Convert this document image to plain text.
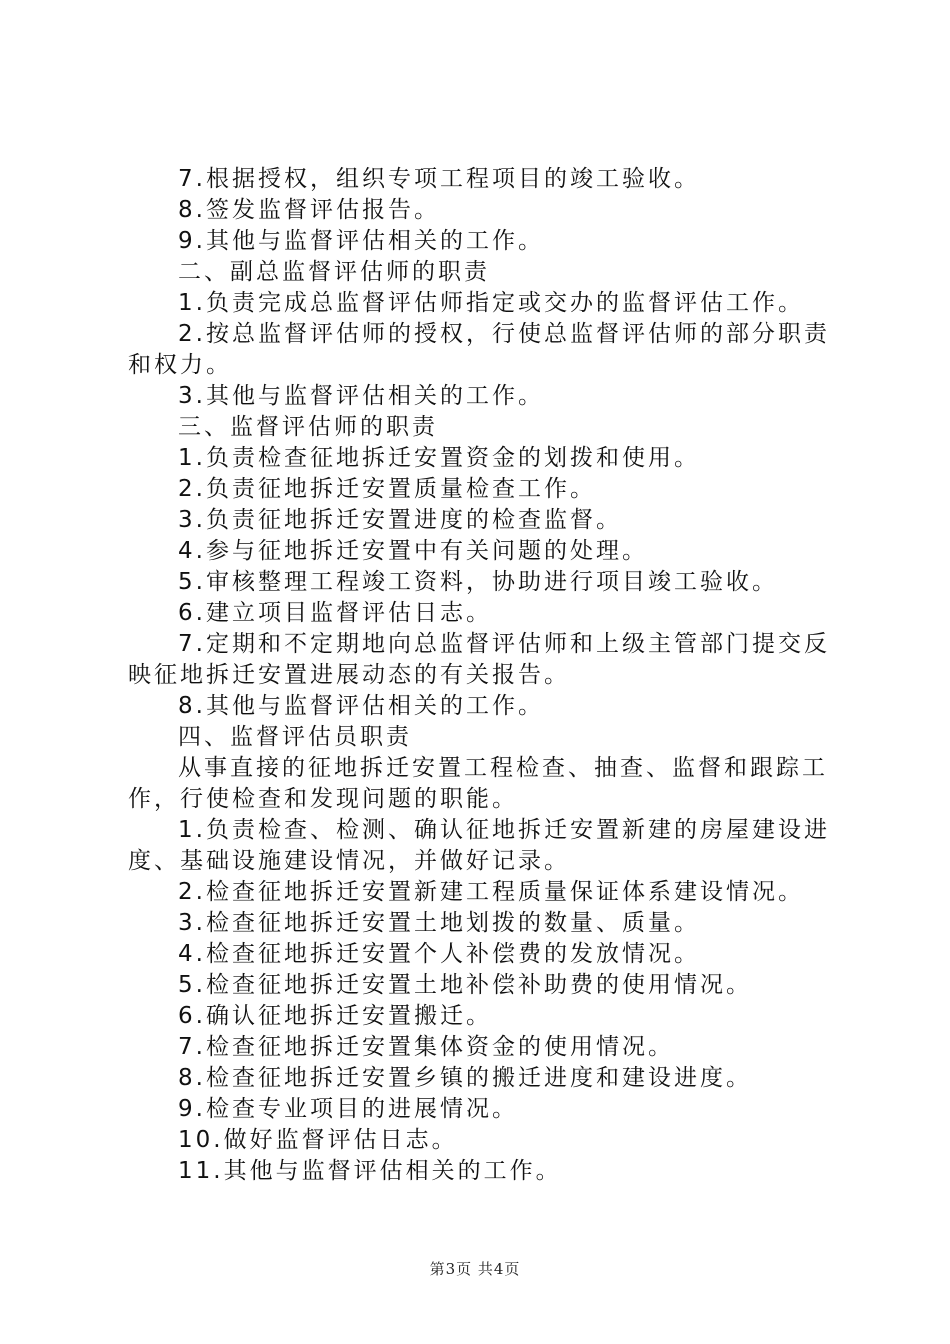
7.根据授权，组织专项工程项目的竣工验收。
8.签发监督评估报告。
9.其他与监督评估相关的工作。
二、副总监督评估师的职责
1.负责完成总监督评估师指定或交办的监督评估工作。
2.按总监督评估师的授权，行使总监督评估师的部分职责
和权力。
3.其他与监督评估相关的工作。
三、监督评估师的职责
1.负责检查征地拆迁安置资金的划拨和使用。
2.负责征地拆迁安置质量检查工作。
3.负责征地拆迁安置进度的检查监督。
4.参与征地拆迁安置中有关问题的处理。
5.审核整理工程竣工资料，协助进行项目竣工验收。
6.建立项目监督评估日志。
7.定期和不定期地向总监督评估师和上级主管部门提交反
映征地拆迁安置进展动态的有关报告。
8.其他与监督评估相关的工作。
四、监督评估员职责
从事直接的征地拆迁安置工程检查、抽查、监督和跟踪工
作，行使检查和发现问题的职能。
1.负责检查、检测、确认征地拆迁安置新建的房屋建设进
度、基础设施建设情况，并做好记录。
2.检查征地拆迁安置新建工程质量保证体系建设情况。
3.检查征地拆迁安置土地划拨的数量、质量。
4.检查征地拆迁安置个人补偿费的发放情况。
5.检查征地拆迁安置土地补偿补助费的使用情况。
6.确认征地拆迁安置搬迁。
7.检查征地拆迁安置集体资金的使用情况。
8.检查征地拆迁安置乡镇的搬迁进度和建设进度。
9.检查专业项目的进展情况。
10.做好监督评估日志。
11.其他与监督评估相关的工作。
第3页 共4页
